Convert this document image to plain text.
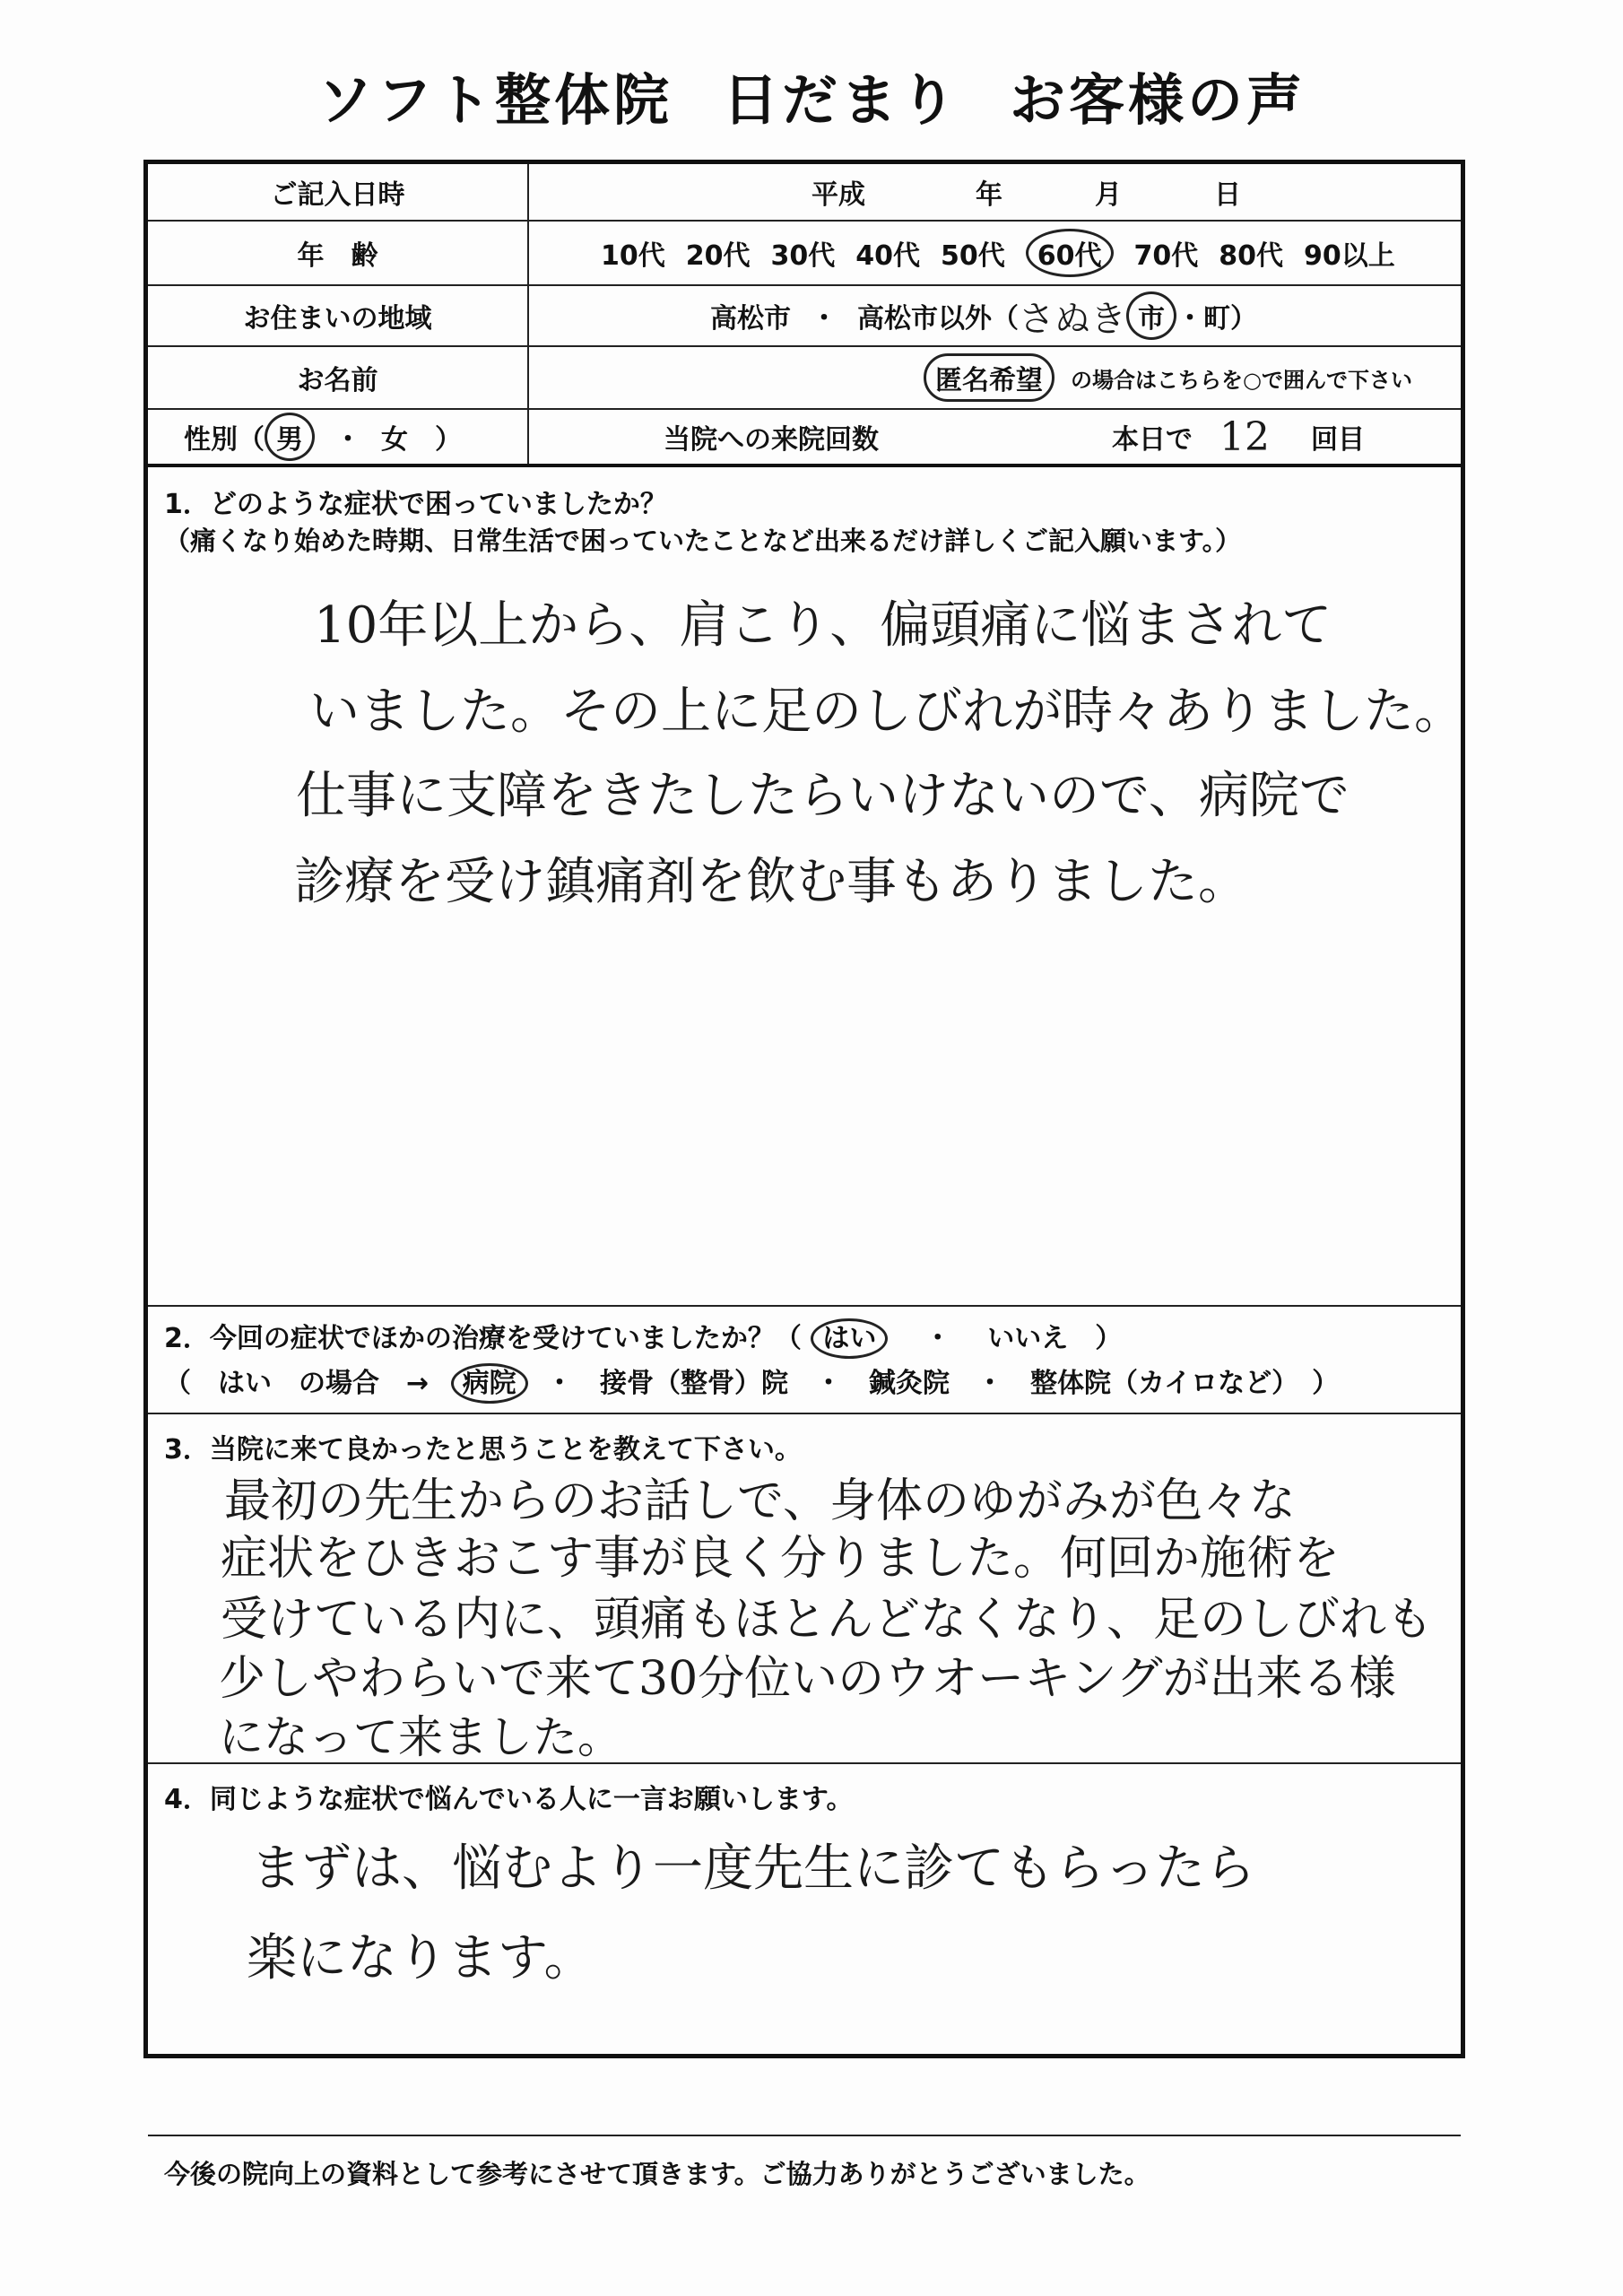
ソフト整体院 日だまり お客様の声
ご記入日時	平成	年	月	日
年　齢	10代 20代 30代 40代 50代	60代	70代 80代 90以上
お住まいの地域	高松市 ・ 高松市以外（ さぬき 市 ・町）
お名前	匿名希望	の場合はこちらを○で囲んで下さい
性別（ 男	・ 女 ）	当院への来院回数	本日で 12 回目
1．どのような症状で困っていましたか？
（痛くなり始めた時期、日常生活で困っていたことなど出来るだけ詳しくご記入願います。）
10年以上から、肩こり、偏頭痛に悩まされて
いました。その上に足のしびれが時々ありました。
仕事に支障をきたしたらいけないので、病院で
診療を受け鎮痛剤を飲む事もありました。
2．今回の症状でほかの治療を受けていましたか？（ はい ・ いいえ　）
（　はい　の場合　→ 病院 ・　接骨（整骨）院　・　鍼灸院　・　整体院（カイロなど）　）
3．当院に来て良かったと思うことを教えて下さい。
最初の先生からのお話しで、身体のゆがみが色々な
症状をひきおこす事が良く分りました。何回か施術を
受けている内に、頭痛もほとんどなくなり、足のしびれも
少しやわらいで来て30分位いのウオーキングが出来る様
になって来ました。
4．同じような症状で悩んでいる人に一言お願いします。
まずは、悩むより一度先生に診てもらったら
楽になります。
今後の院向上の資料として参考にさせて頂きます。ご協力ありがとうございました。
